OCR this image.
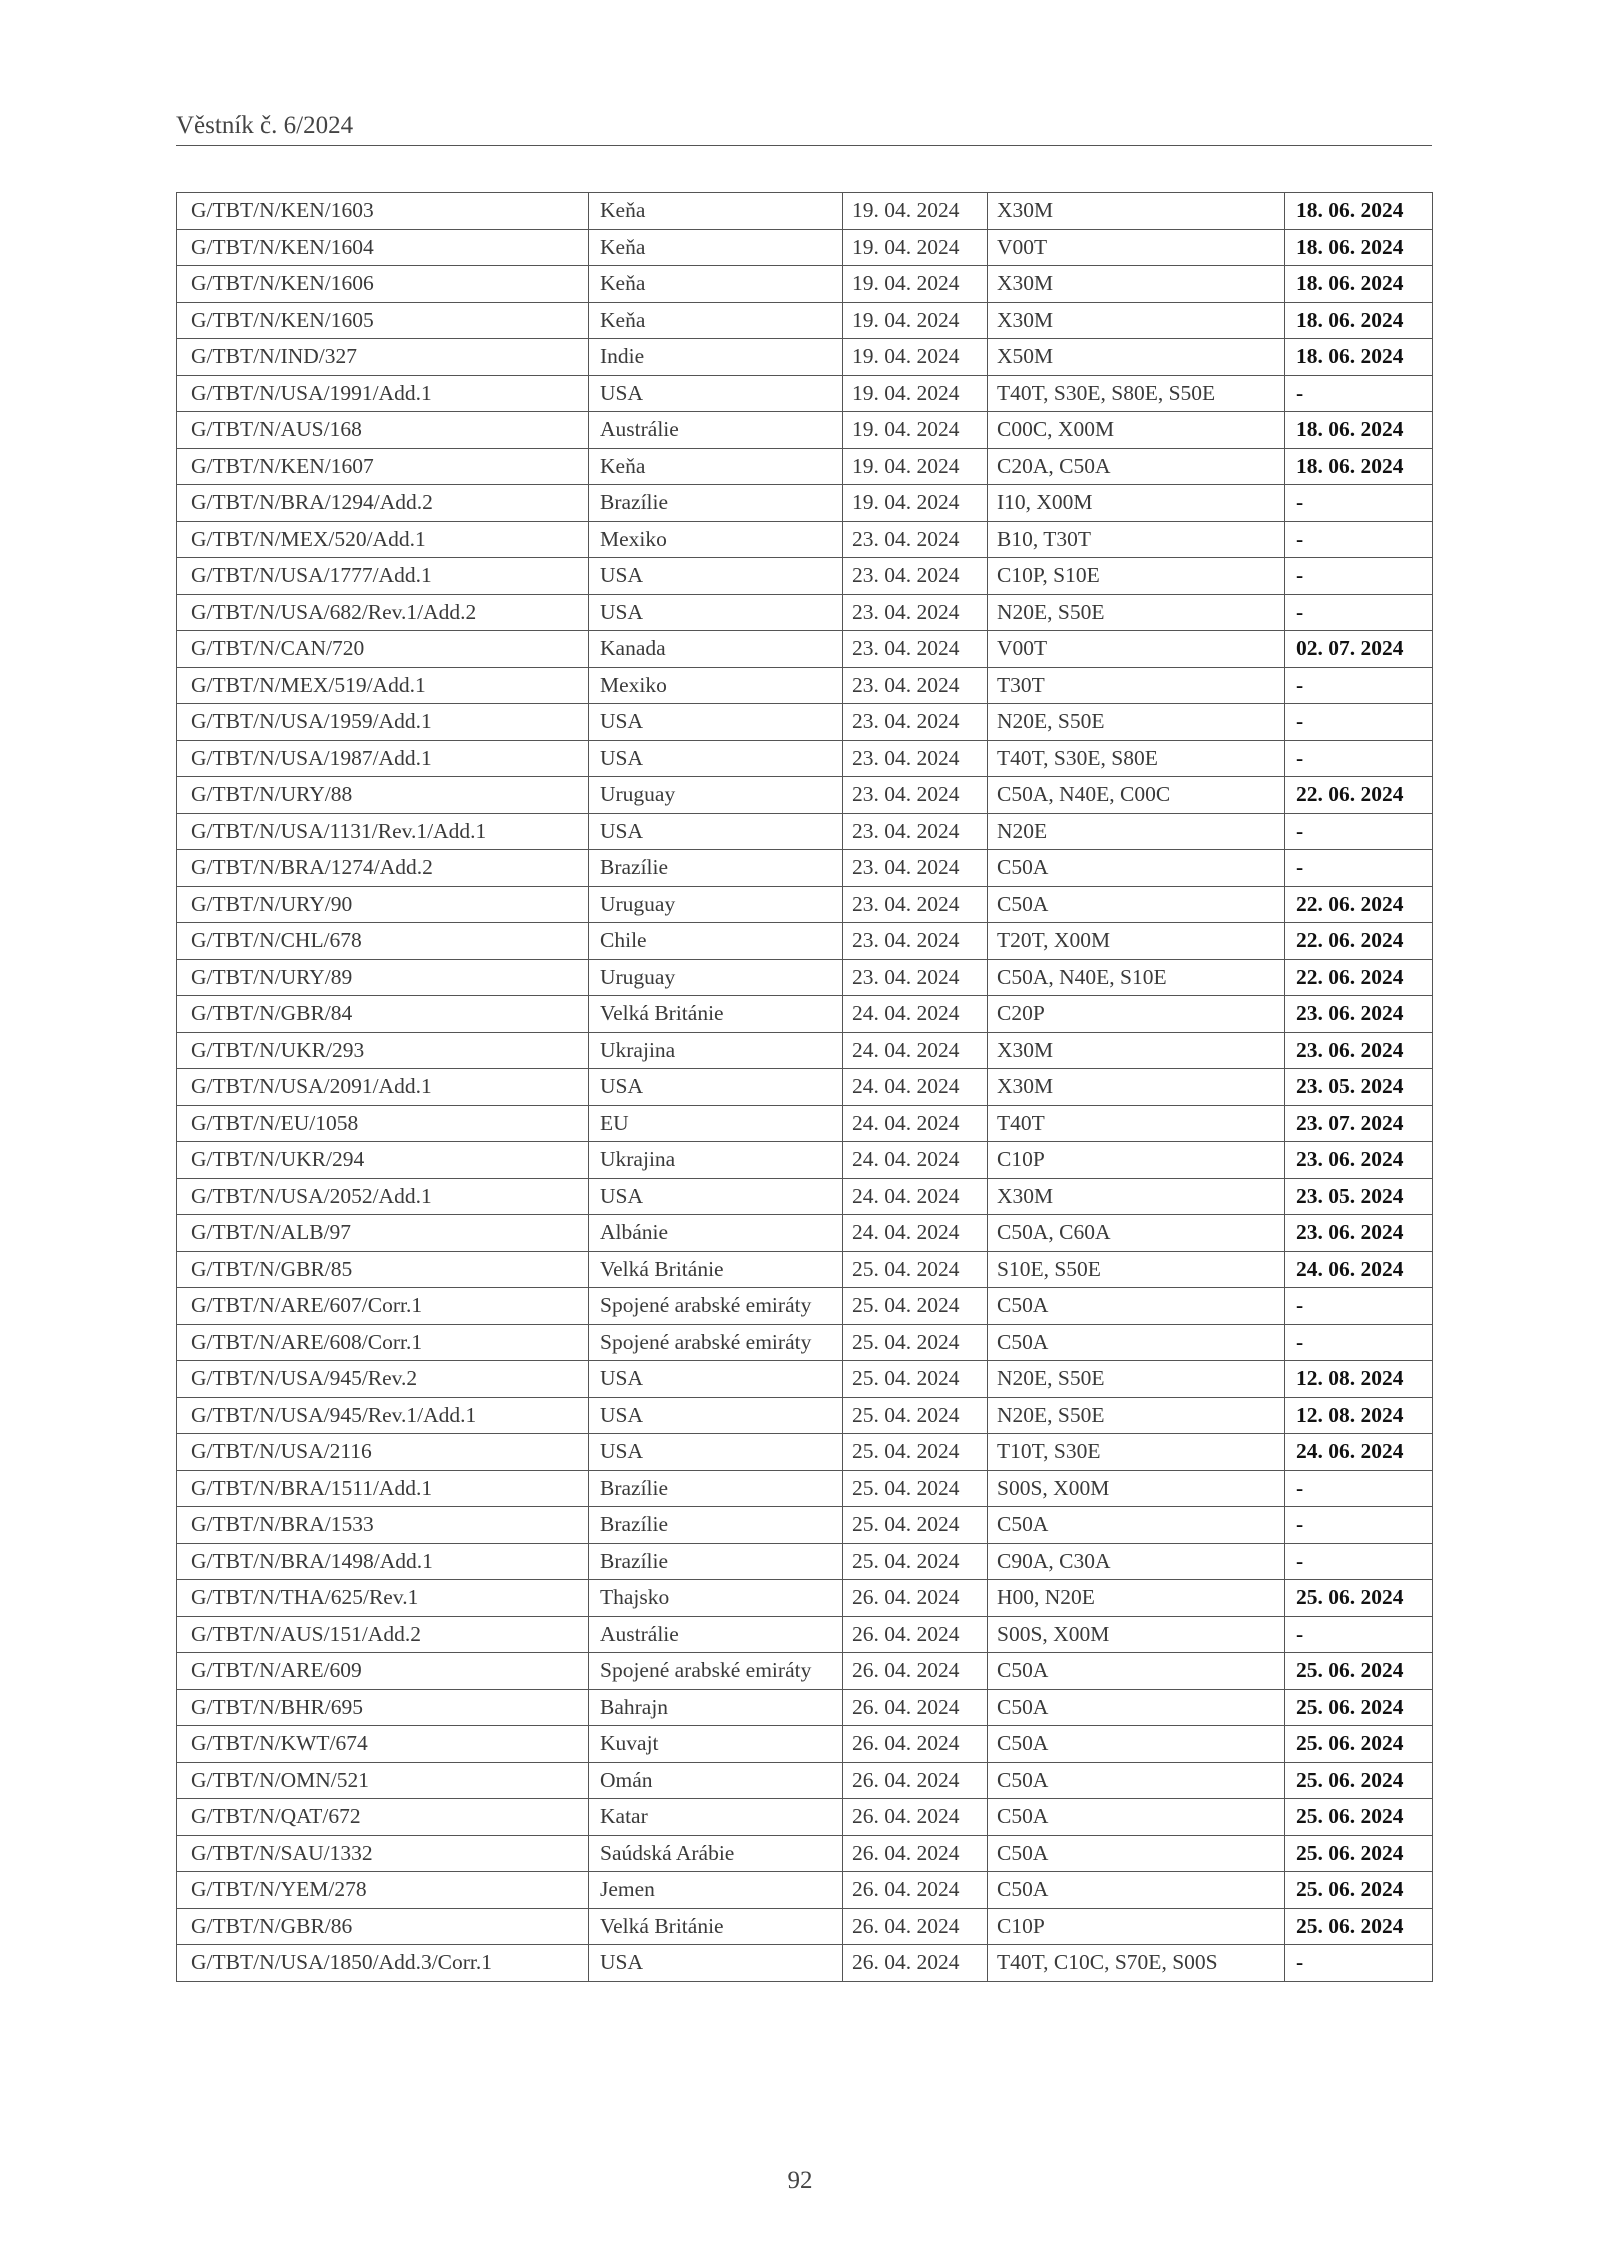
Věstník č. 6/2024
G/TBT/N/KEN/1603	Keňa	19. 04. 2024	X30M	18. 06. 2024
G/TBT/N/KEN/1604	Keňa	19. 04. 2024	V00T	18. 06. 2024
G/TBT/N/KEN/1606	Keňa	19. 04. 2024	X30M	18. 06. 2024
G/TBT/N/KEN/1605	Keňa	19. 04. 2024	X30M	18. 06. 2024
G/TBT/N/IND/327	Indie	19. 04. 2024	X50M	18. 06. 2024
G/TBT/N/USA/1991/Add.1	USA	19. 04. 2024	T40T, S30E, S80E, S50E	-
G/TBT/N/AUS/168	Austrálie	19. 04. 2024	C00C, X00M	18. 06. 2024
G/TBT/N/KEN/1607	Keňa	19. 04. 2024	C20A, C50A	18. 06. 2024
G/TBT/N/BRA/1294/Add.2	Brazílie	19. 04. 2024	I10, X00M	-
G/TBT/N/MEX/520/Add.1	Mexiko	23. 04. 2024	B10, T30T	-
G/TBT/N/USA/1777/Add.1	USA	23. 04. 2024	C10P, S10E	-
G/TBT/N/USA/682/Rev.1/Add.2	USA	23. 04. 2024	N20E, S50E	-
G/TBT/N/CAN/720	Kanada	23. 04. 2024	V00T	02. 07. 2024
G/TBT/N/MEX/519/Add.1	Mexiko	23. 04. 2024	T30T	-
G/TBT/N/USA/1959/Add.1	USA	23. 04. 2024	N20E, S50E	-
G/TBT/N/USA/1987/Add.1	USA	23. 04. 2024	T40T, S30E, S80E	-
G/TBT/N/URY/88	Uruguay	23. 04. 2024	C50A, N40E, C00C	22. 06. 2024
G/TBT/N/USA/1131/Rev.1/Add.1	USA	23. 04. 2024	N20E	-
G/TBT/N/BRA/1274/Add.2	Brazílie	23. 04. 2024	C50A	-
G/TBT/N/URY/90	Uruguay	23. 04. 2024	C50A	22. 06. 2024
G/TBT/N/CHL/678	Chile	23. 04. 2024	T20T, X00M	22. 06. 2024
G/TBT/N/URY/89	Uruguay	23. 04. 2024	C50A, N40E, S10E	22. 06. 2024
G/TBT/N/GBR/84	Velká Británie	24. 04. 2024	C20P	23. 06. 2024
G/TBT/N/UKR/293	Ukrajina	24. 04. 2024	X30M	23. 06. 2024
G/TBT/N/USA/2091/Add.1	USA	24. 04. 2024	X30M	23. 05. 2024
G/TBT/N/EU/1058	EU	24. 04. 2024	T40T	23. 07. 2024
G/TBT/N/UKR/294	Ukrajina	24. 04. 2024	C10P	23. 06. 2024
G/TBT/N/USA/2052/Add.1	USA	24. 04. 2024	X30M	23. 05. 2024
G/TBT/N/ALB/97	Albánie	24. 04. 2024	C50A, C60A	23. 06. 2024
G/TBT/N/GBR/85	Velká Británie	25. 04. 2024	S10E, S50E	24. 06. 2024
G/TBT/N/ARE/607/Corr.1	Spojené arabské emiráty	25. 04. 2024	C50A	-
G/TBT/N/ARE/608/Corr.1	Spojené arabské emiráty	25. 04. 2024	C50A	-
G/TBT/N/USA/945/Rev.2	USA	25. 04. 2024	N20E, S50E	12. 08. 2024
G/TBT/N/USA/945/Rev.1/Add.1	USA	25. 04. 2024	N20E, S50E	12. 08. 2024
G/TBT/N/USA/2116	USA	25. 04. 2024	T10T, S30E	24. 06. 2024
G/TBT/N/BRA/1511/Add.1	Brazílie	25. 04. 2024	S00S, X00M	-
G/TBT/N/BRA/1533	Brazílie	25. 04. 2024	C50A	-
G/TBT/N/BRA/1498/Add.1	Brazílie	25. 04. 2024	C90A, C30A	-
G/TBT/N/THA/625/Rev.1	Thajsko	26. 04. 2024	H00, N20E	25. 06. 2024
G/TBT/N/AUS/151/Add.2	Austrálie	26. 04. 2024	S00S, X00M	-
G/TBT/N/ARE/609	Spojené arabské emiráty	26. 04. 2024	C50A	25. 06. 2024
G/TBT/N/BHR/695	Bahrajn	26. 04. 2024	C50A	25. 06. 2024
G/TBT/N/KWT/674	Kuvajt	26. 04. 2024	C50A	25. 06. 2024
G/TBT/N/OMN/521	Omán	26. 04. 2024	C50A	25. 06. 2024
G/TBT/N/QAT/672	Katar	26. 04. 2024	C50A	25. 06. 2024
G/TBT/N/SAU/1332	Saúdská Arábie	26. 04. 2024	C50A	25. 06. 2024
G/TBT/N/YEM/278	Jemen	26. 04. 2024	C50A	25. 06. 2024
G/TBT/N/GBR/86	Velká Británie	26. 04. 2024	C10P	25. 06. 2024
G/TBT/N/USA/1850/Add.3/Corr.1	USA	26. 04. 2024	T40T, C10C, S70E, S00S	-
92
